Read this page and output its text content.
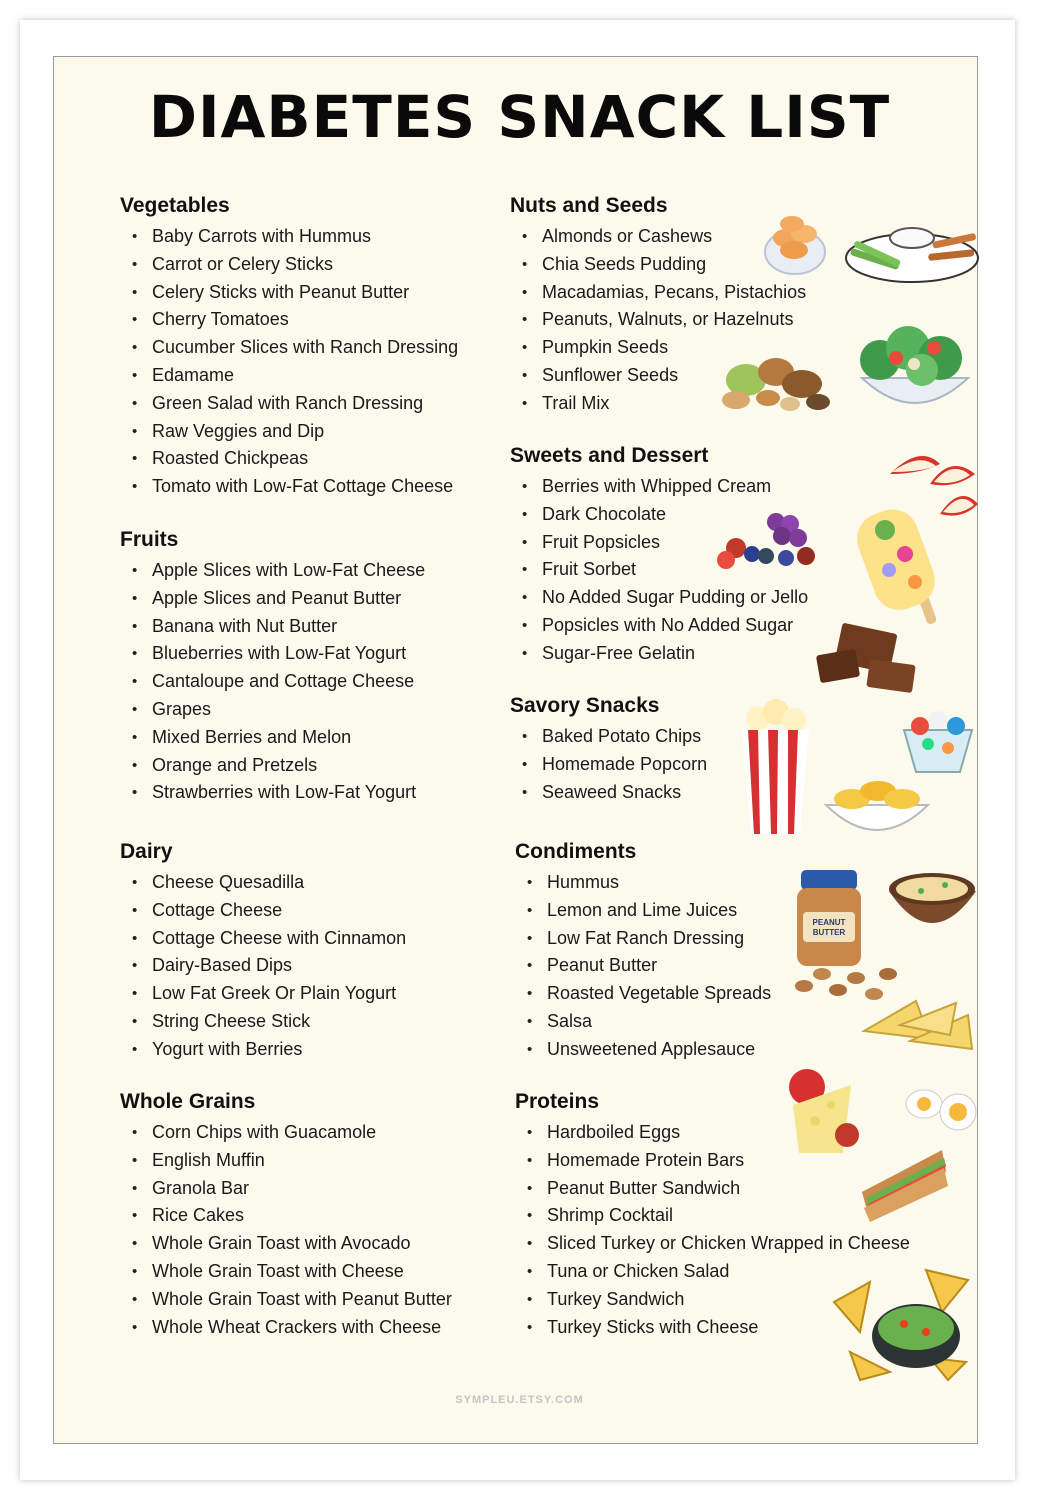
DIABETES SNACK LIST
Vegetables
• Baby Carrots with Hummus
• Carrot or Celery Sticks
• Celery Sticks with Peanut Butter
• Cherry Tomatoes
• Cucumber Slices with Ranch Dressing
• Edamame
• Green Salad with Ranch Dressing
• Raw Veggies and Dip
• Roasted Chickpeas
• Tomato with Low-Fat Cottage Cheese
Fruits
• Apple Slices with Low-Fat Cheese
• Apple Slices and Peanut Butter
• Banana with Nut Butter
• Blueberries with Low-Fat Yogurt
• Cantaloupe and Cottage Cheese
• Grapes
• Mixed Berries and Melon
• Orange and Pretzels
• Strawberries with Low-Fat Yogurt
Dairy
• Cheese Quesadilla
• Cottage Cheese
• Cottage Cheese with Cinnamon
• Dairy-Based Dips
• Low Fat Greek Or Plain Yogurt
• String Cheese Stick
• Yogurt with Berries
Whole Grains
• Corn Chips with Guacamole
• English Muffin
• Granola Bar
• Rice Cakes
• Whole Grain Toast with Avocado
• Whole Grain Toast with Cheese
• Whole Grain Toast with Peanut Butter
• Whole Wheat Crackers with Cheese
Nuts and Seeds
• Almonds or Cashews
• Chia Seeds Pudding
• Macadamias, Pecans, Pistachios
• Peanuts, Walnuts, or Hazelnuts
• Pumpkin Seeds
• Sunflower Seeds
• Trail Mix
Sweets and Dessert
• Berries with Whipped Cream
• Dark Chocolate
• Fruit Popsicles
• Fruit Sorbet
• No Added Sugar Pudding or Jello
• Popsicles with No Added Sugar
• Sugar-Free Gelatin
Savory Snacks
• Baked Potato Chips
• Homemade Popcorn
• Seaweed Snacks
Condiments
• Hummus
• Lemon and Lime Juices
• Low Fat Ranch Dressing
• Peanut Butter
• Roasted Vegetable Spreads
• Salsa
• Unsweetened Applesauce
Proteins
• Hardboiled Eggs
• Homemade Protein Bars
• Peanut Butter Sandwich
• Shrimp Cocktail
• Sliced Turkey or Chicken Wrapped in Cheese
• Tuna or Chicken Salad
• Turkey Sandwich
• Turkey Sticks with Cheese
SYMPLEU.ETSY.COM
PEANUT
BUTTER
